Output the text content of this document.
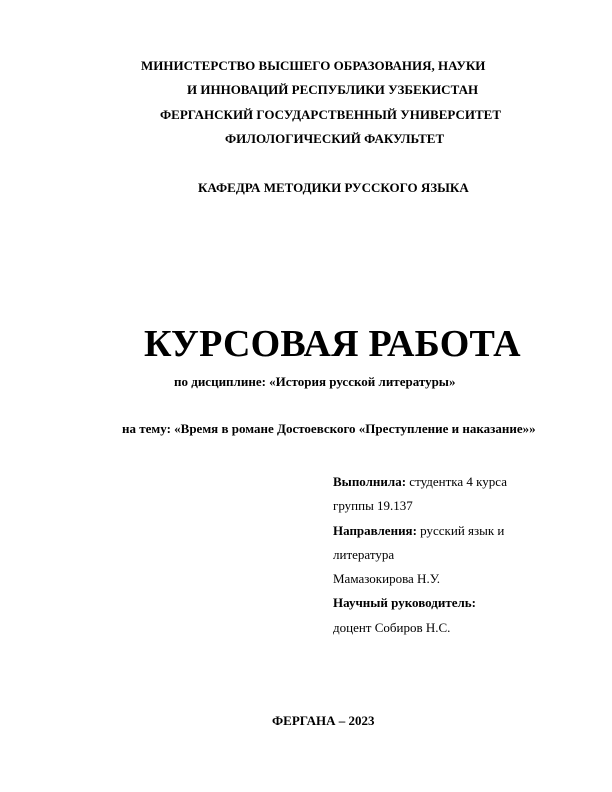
МИНИСТЕРСТВО ВЫСШЕГО ОБРАЗОВАНИЯ, НАУКИ
И ИННОВАЦИЙ РЕСПУБЛИКИ УЗБЕКИСТАН
ФЕРГАНСКИЙ ГОСУДАРСТВЕННЫЙ УНИВЕРСИТЕТ
ФИЛОЛОГИЧЕСКИЙ ФАКУЛЬТЕТ
КАФЕДРА МЕТОДИКИ РУССКОГО ЯЗЫКА
КУРСОВАЯ РАБОТА
по дисциплине: «История русской литературы»
на тему: «Время в романе Достоевского «Преступление и наказание»»
Выполнила: студентка 4 курса
группы 19.137
Направления: русский язык и
литература
Мамазокирова Н.У.
Научный руководитель:
доцент Собиров Н.С.
ФЕРГАНА – 2023
